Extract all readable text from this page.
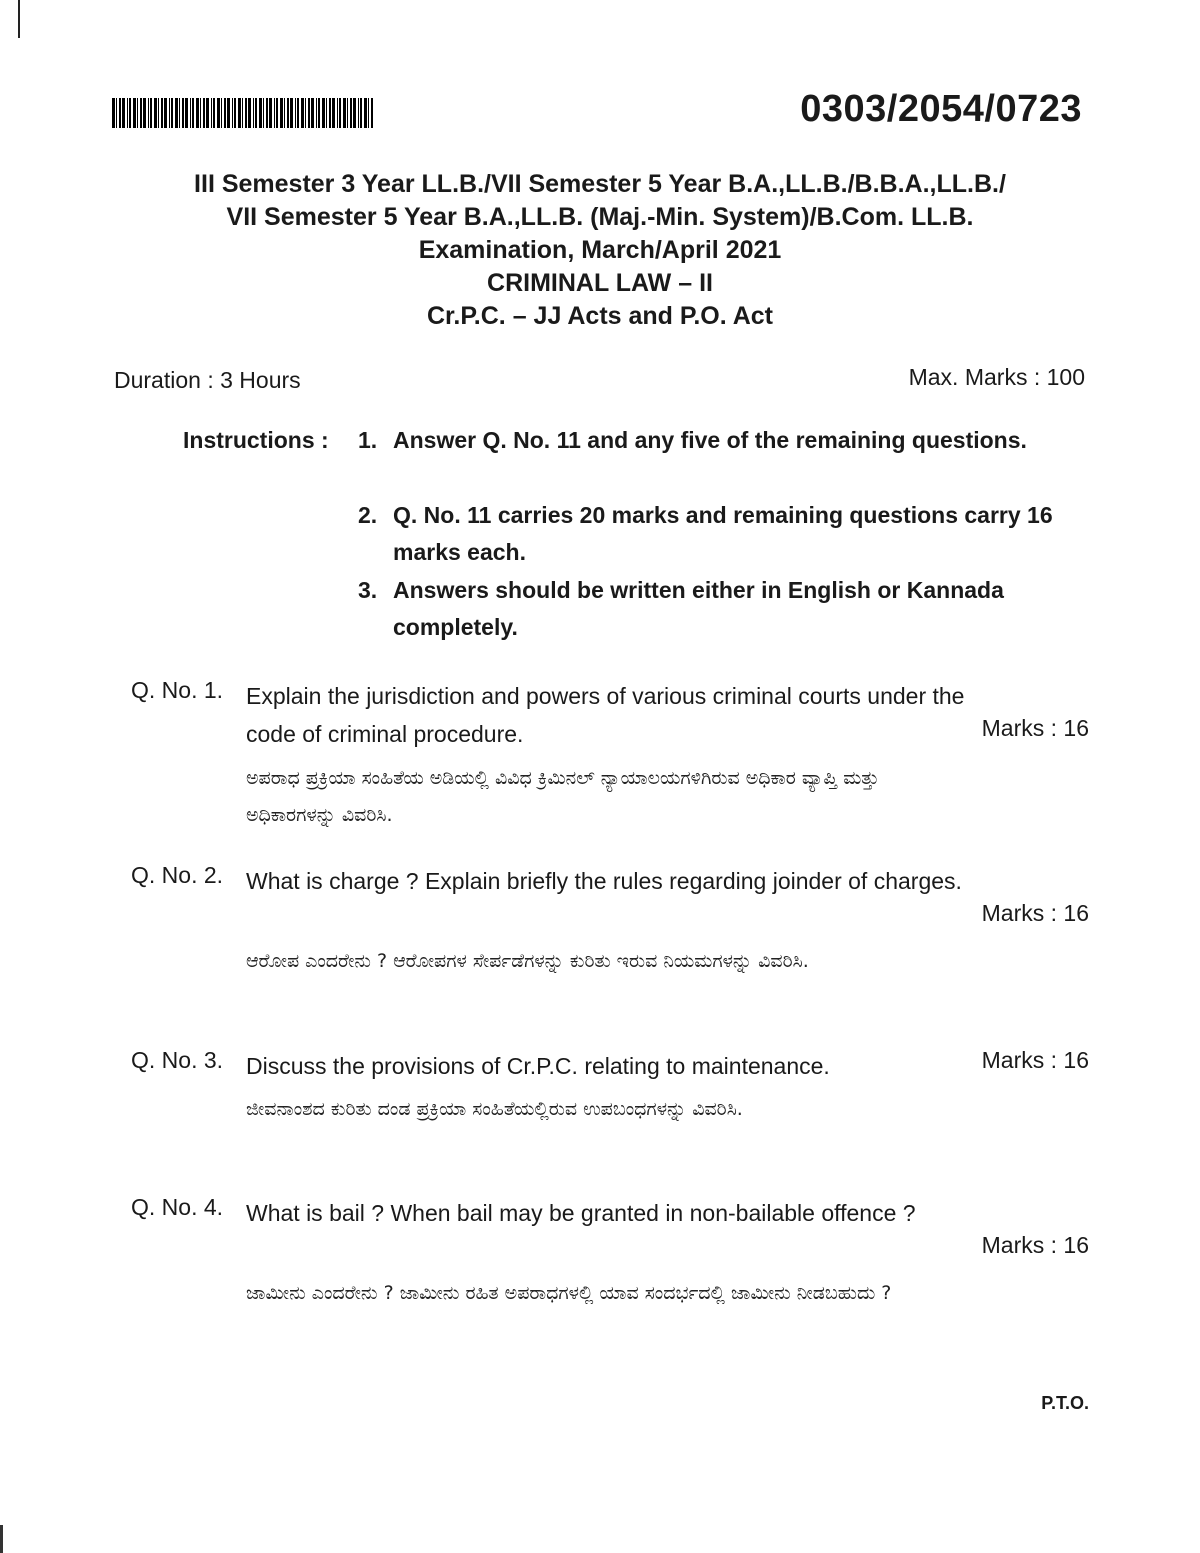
0303/2054/0723
III Semester 3 Year LL.B./VII Semester 5 Year B.A.,LL.B./B.B.A.,LL.B./
VII Semester 5 Year B.A.,LL.B. (Maj.-Min. System)/B.Com. LL.B.
Examination, March/April 2021
CRIMINAL LAW – II
Cr.P.C. – JJ Acts and P.O. Act
Duration : 3 Hours	Max. Marks : 100
Instructions : 1. Answer Q. No. 11 and any five of the remaining questions.
2. Q. No. 11 carries 20 marks and remaining questions carry 16 marks each.
3. Answers should be written either in English or Kannada completely.
Q. No. 1. Explain the jurisdiction and powers of various criminal courts under the code of criminal procedure.	Marks : 16
ಅಪರಾಧ ಪ್ರಕ್ರಿಯಾ ಸಂಹಿತೆಯ ಅಡಿಯಲ್ಲಿ ವಿವಿಧ ಕ್ರಿಮಿನಲ್ ನ್ಯಾಯಾಲಯಗಳಿಗಿರುವ ಅಧಿಕಾರ ವ್ಯಾಪ್ತಿ ಮತ್ತು ಅಧಿಕಾರಗಳನ್ನು ವಿವರಿಸಿ.
Q. No. 2. What is charge ? Explain briefly the rules regarding joinder of charges.
Marks : 16
ಆರೋಪ ಎಂದರೇನು ? ಆರೋಪಗಳ ಸೇರ್ಪಡೆಗಳನ್ನು ಕುರಿತು ಇರುವ ನಿಯಮಗಳನ್ನು ವಿವರಿಸಿ.
Q. No. 3. Discuss the provisions of Cr.P.C. relating to maintenance.	Marks : 16
ಜೀವನಾಂಶದ ಕುರಿತು ದಂಡ ಪ್ರಕ್ರಿಯಾ ಸಂಹಿತೆಯಲ್ಲಿರುವ ಉಪಬಂಧಗಳನ್ನು ವಿವರಿಸಿ.
Q. No. 4. What is bail ? When bail may be granted in non-bailable offence ?
Marks : 16
ಜಾಮೀನು ಎಂದರೇನು ? ಜಾಮೀನು ರಹಿತ ಅಪರಾಧಗಳಲ್ಲಿ ಯಾವ ಸಂದರ್ಭದಲ್ಲಿ ಜಾಮೀನು ನೀಡಬಹುದು ?
P.T.O.
